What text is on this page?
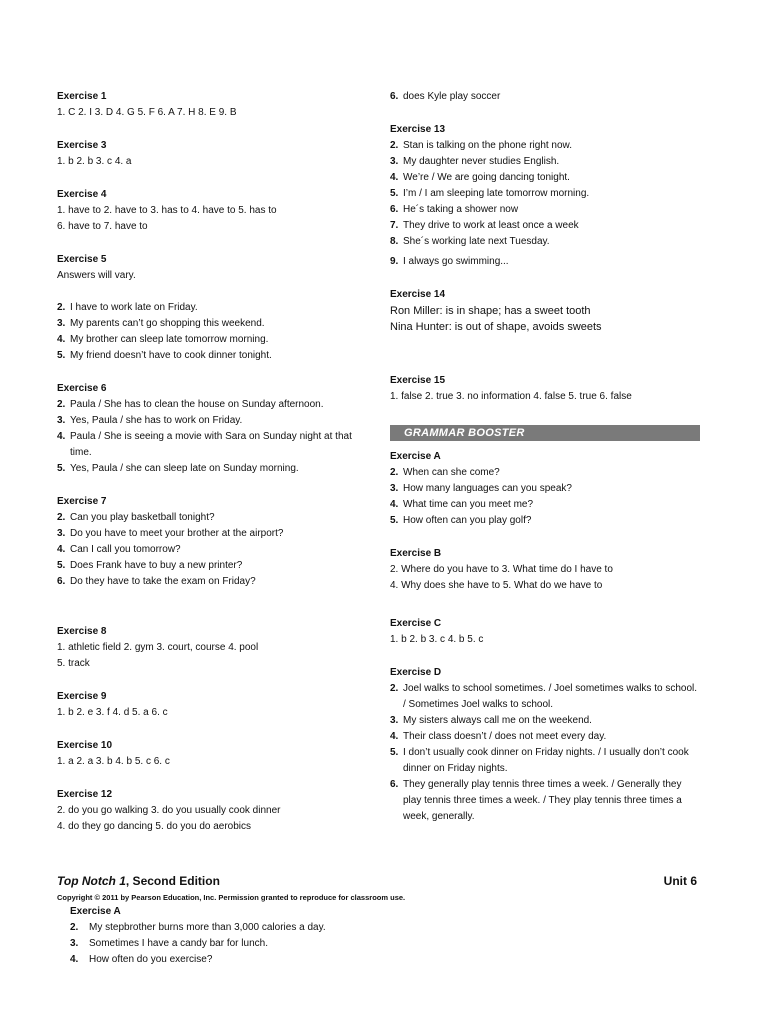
Exercise 1

1. C 2. I 3. D 4. G 5. F 6. A 7. H 8. E 9. B

Exercise 3

1. b 2. b 3. c 4. a

Exercise 4

1. have to 2. have to 3. has to 4. have to 5. has to

6. have to 7. have to

Exercise 5

Answers will vary.

2. I have to work late on Friday.
3. My parents can’t go shopping this weekend.
4. My brother can sleep late tomorrow morning.
5. My friend doesn’t have to cook dinner tonight.

Exercise 6

2. Paula / She has to clean the house on Sunday afternoon.
3. Yes, Paula / she has to work on Friday.
4. Paula / She is seeing a movie with Sara on Sunday night at that time.
5. Yes, Paula / she can sleep late on Sunday morning.

Exercise 7

2. Can you play basketball tonight?
3. Do you have to meet your brother at the airport?
4. Can I call you tomorrow?
5. Does Frank have to buy a new printer?
6. Do they have to take the exam on Friday?

Exercise 8

1. athletic field 2. gym 3. court, course 4. pool

5. track

Exercise 9

1. b 2. e 3. f 4. d 5. a 6. c

Exercise 10

1. a 2. a 3. b 4. b 5. c 6. c

Exercise 12

2. do you go walking 3. do you usually cook dinner

4. do they go dancing 5. do you do aerobics

6. does Kyle play soccer

Exercise 13

2. Stan is talking on the phone right now.
3. My daughter never studies English.
4. We’re / We are going dancing tonight.
5. I’m / I am sleeping late tomorrow morning.
6. He´s taking a shower now
7. They drive to work at least once a week
8. She´s working late next Tuesday.
9. I always go swimming...

Exercise 14

Ron Miller: is in shape; has a sweet tooth

Nina Hunter: is out of shape, avoids sweets

Exercise 15

1. false 2. true 3. no information 4. false 5. true 6. false

GRAMMAR BOOSTER

Exercise A

2. When can she come?
3. How many languages can you speak?
4. What time can you meet me?
5. How often can you play golf?

Exercise B

2. Where do you have to 3. What time do I have to

4. Why does she have to 5. What do we have to

Exercise C

1. b 2. b 3. c 4. b 5. c

Exercise D

2. Joel walks to school sometimes. / Joel sometimes walks to school. / Sometimes Joel walks to school.
3. My sisters always call me on the weekend.
4. Their class doesn’t / does not meet every day.
5. I don’t usually cook dinner on Friday nights. / I usually don’t cook dinner on Friday nights.
6. They generally play tennis three times a week. / Generally they play tennis three times a week. / They play tennis three times a week, generally.
Top Notch 1, Second Edition	Unit 6
Copyright © 2011 by Pearson Education, Inc. Permission granted to reproduce for classroom use.

Exercise A

2.	My stepbrother burns more than 3,000 calories a day.
3.	Sometimes I have a candy bar for lunch.
4.	How often do you exercise?
